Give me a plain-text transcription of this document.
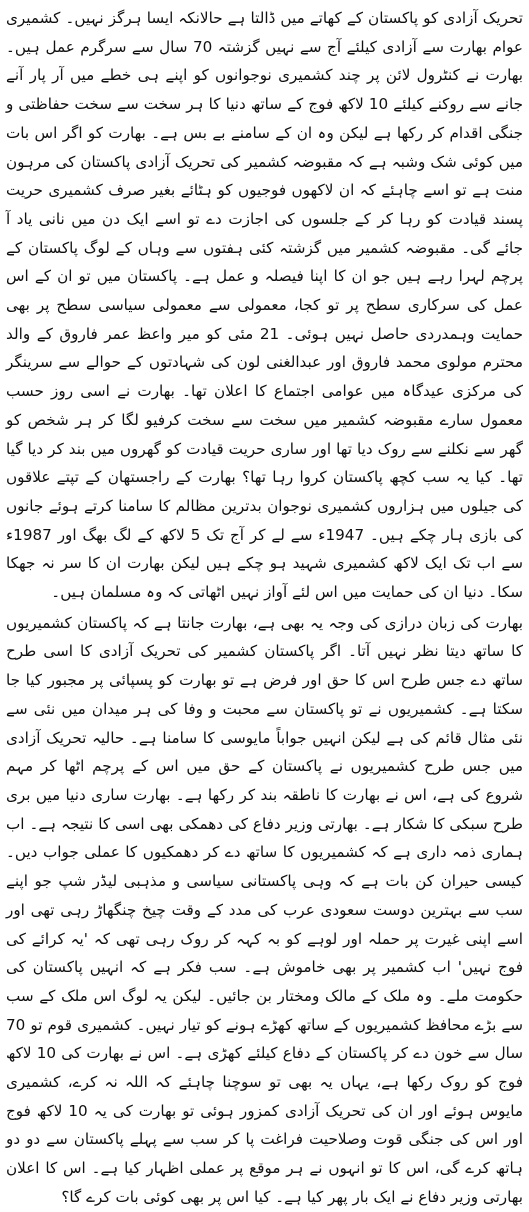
تحریک آزادی کو پاکستان کے کھاتے میں ڈالتا ہے حالانکہ ایسا ہرگز نہیں۔ کشمیری عوام بھارت سے آزادی کیلئے آج سے نہیں گزشتہ 70 سال سے سرگرم عمل ہیں۔ بھارت نے کنٹرول لائن پر چند کشمیری نوجوانوں کو اپنے ہی خطے میں آر پار آنے جانے سے روکنے کیلئے 10 لاکھ فوج کے ساتھ دنیا کا ہر سخت سے سخت حفاظتی و جنگی اقدام کر رکھا ہے لیکن وہ ان کے سامنے بے بس ہے۔ بھارت کو اگر اس بات میں کوئی شک وشبہ ہے کہ مقبوضہ کشمیر کی تحریک آزادی پاکستان کی مرہون منت ہے تو اسے چاہئے کہ ان لاکھوں فوجیوں کو ہٹائے بغیر صرف کشمیری حریت پسند قیادت کو رہا کر کے جلسوں کی اجازت دے تو اسے ایک دن میں نانی یاد آ جائے گی۔ مقبوضہ کشمیر میں گزشتہ کئی ہفتوں سے وہاں کے لوگ پاکستان کے پرچم لہرا رہے ہیں جو ان کا اپنا فیصلہ و عمل ہے۔ پاکستان میں تو ان کے اس عمل کی سرکاری سطح پر تو کجا، معمولی سے معمولی سیاسی سطح پر بھی حمایت وہمدردی حاصل نہیں ہوئی۔ 21 مئی کو میر واعظ عمر فاروق کے والد محترم مولوی محمد فاروق اور عبدالغنی لون کی شہادتوں کے حوالے سے سرینگر کی مرکزی عیدگاہ میں عوامی اجتماع کا اعلان تھا۔ بھارت نے اسی روز حسب معمول سارے مقبوضہ کشمیر میں سخت سے سخت کرفیو لگا کر ہر شخص کو گھر سے نکلنے سے روک دیا تھا اور ساری حریت قیادت کو گھروں میں بند کر دیا گیا تھا۔ کیا یہ سب کچھ پاکستان کروا رہا تھا؟ بھارت کے راجستھان کے تپتے علاقوں کی جیلوں میں ہزاروں کشمیری نوجوان بدترین مظالم کا سامنا کرتے ہوئے جانوں کی بازی ہار چکے ہیں۔ 1947ء سے لے کر آج تک 5 لاکھ کے لگ بھگ اور 1987ء سے اب تک ایک لاکھ کشمیری شہید ہو چکے ہیں لیکن بھارت ان کا سر نہ جھکا سکا۔ دنیا ان کی حمایت میں اس لئے آواز نہیں اٹھاتی کہ وہ مسلمان ہیں۔

بھارت کی زبان درازی کی وجہ یہ بھی ہے، بھارت جانتا ہے کہ پاکستان کشمیریوں کا ساتھ دیتا نظر نہیں آتا۔ اگر پاکستان کشمیر کی تحریک آزادی کا اسی طرح ساتھ دے جس طرح اس کا حق اور فرض ہے تو بھارت کو پسپائی پر مجبور کیا جا سکتا ہے۔ کشمیریوں نے تو پاکستان سے محبت و وفا کی ہر میدان میں نئی سے نئی مثال قائم کی ہے لیکن انہیں جواباً مایوسی کا سامنا ہے۔ حالیہ تحریک آزادی میں جس طرح کشمیریوں نے پاکستان کے حق میں اس کے پرچم اٹھا کر مہم شروع کی ہے، اس نے بھارت کا ناطقہ بند کر رکھا ہے۔ بھارت ساری دنیا میں بری طرح سبکی کا شکار ہے۔ بھارتی وزیر دفاع کی دھمکی بھی اسی کا نتیجہ ہے۔ اب ہماری ذمہ داری ہے کہ کشمیریوں کا ساتھ دے کر دھمکیوں کا عملی جواب دیں۔ کیسی حیران کن بات ہے کہ وہی پاکستانی سیاسی و مذہبی لیڈر شپ جو اپنے سب سے بہترین دوست سعودی عرب کی مدد کے وقت چیخ چنگھاڑ رہی تھی اور اسے اپنی غیرت پر حملہ اور لوہے کو بہ کہہ کر روک رہی تھی کہ 'یہ کرائے کی فوج نہیں' اب کشمیر پر بھی خاموش ہے۔ سب فکر ہے کہ انہیں پاکستان کی حکومت ملے۔ وہ ملک کے مالک ومختار بن جائیں۔ لیکن یہ لوگ اس ملک کے سب سے بڑے محافظ کشمیریوں کے ساتھ کھڑے ہونے کو تیار نہیں۔ کشمیری قوم تو 70 سال سے خون دے کر پاکستان کے دفاع کیلئے کھڑی ہے۔ اس نے بھارت کی 10 لاکھ فوج کو روک رکھا ہے، یہاں یہ بھی تو سوچنا چاہئے کہ اللہ نہ کرے، کشمیری مایوس ہوئے اور ان کی تحریک آزادی کمزور ہوئی تو بھارت کی یہ 10 لاکھ فوج اور اس کی جنگی قوت وصلاحیت فراغت پا کر سب سے پہلے پاکستان سے دو دو ہاتھ کرے گی، اس کا تو انہوں نے ہر موقع پر عملی اظہار کیا ہے۔ اس کا اعلان بھارتی وزیر دفاع نے ایک بار پھر کیا ہے۔ کیا اس پر بھی کوئی بات کرے گا؟
